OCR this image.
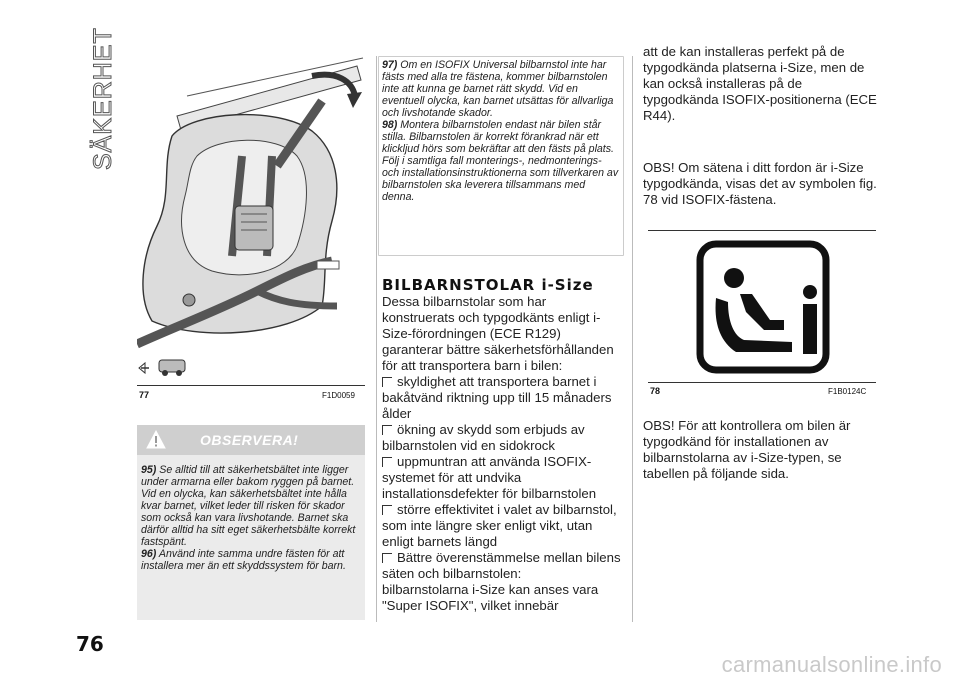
SÄKERHET
77	F1D0059
OBSERVERA!

95) Se alltid till att säkerhetsbältet inte ligger under armarna eller bakom ryggen på barnet. Vid en olycka, kan säkerhetsbältet inte hålla kvar barnet, vilket leder till risken för skador som också kan vara livshotande. Barnet ska därför alltid ha sitt eget säkerhetsbälte korrekt fastspänt.

96) Använd inte samma undre fästen för att installera mer än ett skyddssystem för barn.

97) Om en ISOFIX Universal bilbarnstol inte har fästs med alla tre fästena, kommer bilbarnstolen inte att kunna ge barnet rätt skydd. Vid en eventuell olycka, kan barnet utsättas för allvarliga och livshotande skador.

98) Montera bilbarnstolen endast när bilen står stilla. Bilbarnstolen är korrekt förankrad när ett klickljud hörs som bekräftar att den fästs på plats. Följ i samtliga fall monterings-, nedmonterings- och installationsinstruktionerna som tillverkaren av bilbarnstolen ska leverera tillsammans med denna.

BILBARNSTOLAR i-Size

Dessa bilbarnstolar som har konstruerats och typgodkänts enligt i-Size-förordningen (ECE R129) garanterar bättre säkerhetsförhållanden för att transportera barn i bilen:

skyldighet att transportera barnet i bakåtvänd riktning upp till 15 månaders ålder

ökning av skydd som erbjuds av bilbarnstolen vid en sidokrock

uppmuntran att använda ISOFIX-systemet för att undvika installationsdefekter för bilbarnstolen

större effektivitet i valet av bilbarnstol, som inte längre sker enligt vikt, utan enligt barnets längd

Bättre överenstämmelse mellan bilens säten och bilbarnstolen:

bilbarnstolarna i-Size kan anses vara "Super ISOFIX", vilket innebär

att de kan installeras perfekt på de typgodkända platserna i-Size, men de kan också installeras på de typgodkända ISOFIX-positionerna (ECE R44).
OBS! Om sätena i ditt fordon är i-Size typgodkända, visas det av symbolen fig. 78 vid ISOFIX-fästena.
78	F1B0124C
OBS! För att kontrollera om bilen är typgodkänd för installationen av bilbarnstolarna av i-Size-typen, se tabellen på följande sida.
76
carmanualsonline.info
